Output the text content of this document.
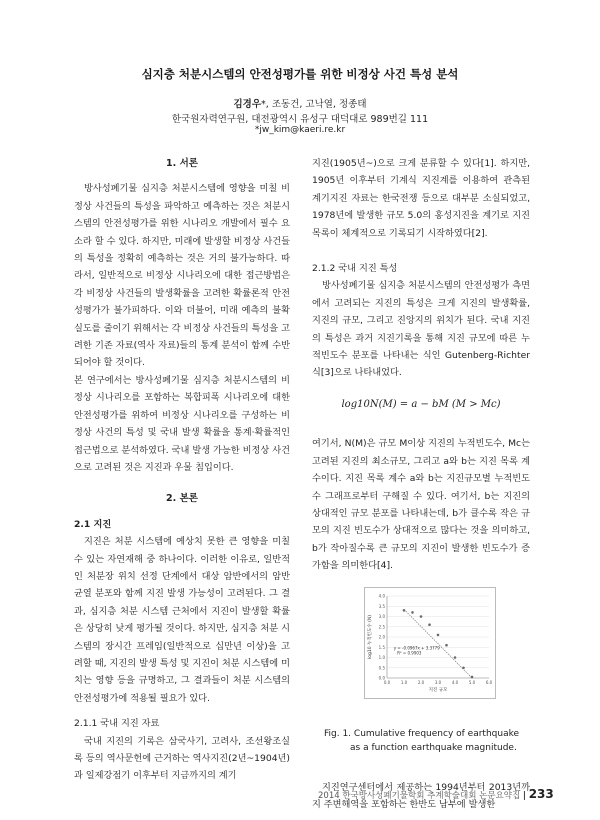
심지층 처분시스템의 안전성평가를 위한 비정상 사건 특성 분석
김경우*, 조동건, 고낙열, 정종태
한국원자력연구원, 대전광역시 유성구 대덕대로 989번길 111
*jw_kim@kaeri.re.kr

1. 서론

방사성폐기물 심지층 처분시스템에 영향을 미칠 비정상 사건들의 특성을 파악하고 예측하는 것은 처분시스템의 안전성평가를 위한 시나리오 개발에서 필수 요소라 할 수 있다. 하지만, 미래에 발생할 비정상 사건들의 특성을 정확히 예측하는 것은 거의 불가능하다. 따라서, 일반적으로 비정상 시나리오에 대한 접근방법은 각 비정상 사건들의 발생확률을 고려한 확률론적 안전성평가가 불가피하다. 이와 더불어, 미래 예측의 불확실도를 줄이기 위해서는 각 비정상 사건들의 특성을 고려한 기존 자료(역사 자료)들의 통계 분석이 함께 수반되어야 할 것이다.

본 연구에서는 방사성폐기물 심지층 처분시스템의 비정상 시나리오를 포함하는 복합피폭 시나리오에 대한 안전성평가를 위하여 비정상 시나리오를 구성하는 비정상 사건의 특성 및 국내 발생 확률을 통계·확률적인 접근법으로 분석하였다. 국내 발생 가능한 비정상 사건으로 고려된 것은 지진과 우물 침입이다.

2. 본론

2.1 지진

지진은 처분 시스템에 예상치 못한 큰 영향을 미칠 수 있는 자연재해 중 하나이다. 이러한 이유로, 일반적인 처분장 위치 선정 단계에서 대상 암반에서의 암반 균열 분포와 함께 지진 발생 가능성이 고려된다. 그 결과, 심지층 처분 시스템 근처에서 지진이 발생할 확률은 상당히 낮게 평가될 것이다. 하지만, 심지층 처분 시스템의 장시간 프레임(일반적으로 십만년 이상)을 고려할 때, 지진의 발생 특성 및 지진이 처분 시스템에 미치는 영향 등을 규명하고, 그 결과들이 처분 시스템의 안전성평가에 적용될 필요가 있다.

2.1.1 국내 지진 자료

국내 지진의 기록은 삼국사기, 고려사, 조선왕조실록 등의 역사문헌에 근거하는 역사지진(2년~1904년)과 일제강점기 이후부터 지금까지의 계기

지진(1905년~)으로 크게 분류할 수 있다[1]. 하지만, 1905년 이후부터 기계식 지진계를 이용하여 관측된 계기지진 자료는 한국전쟁 등으로 대부분 소실되었고, 1978년에 발생한 규모 5.0의 홍성지진을 계기로 지진목록이 체계적으로 기록되기 시작하였다[2].

2.1.2 국내 지진 특성

방사성폐기물 심지층 처분시스템의 안전성평가 측면에서 고려되는 지진의 특성은 크게 지진의 발생확률, 지진의 규모, 그리고 진앙지의 위치가 된다. 국내 지진의 특성은 과거 지진기록을 통해 지진 규모에 따른 누적빈도수 분포를 나타내는 식인 Gutenberg-Richter 식[3]으로 나타내었다.

log10N(M) = a − bM (M > Mc)

여기서, N(M)은 규모 M이상 지진의 누적빈도수, Mc는 고려된 지진의 최소규모, 그리고 a와 b는 지진 목록 계수이다. 지진 목록 계수 a와 b는 지진규모별 누적빈도수 그래프로부터 구해질 수 있다. 여기서, b는 지진의 상대적인 규모 분포를 나타내는데, b가 클수록 작은 규모의 지진 빈도수가 상대적으로 많다는 것을 의미하고, b가 작아질수록 큰 규모의 지진이 발생한 빈도수가 증가함을 의미한다[4].

4.0
3.5
3.0
2.5
2.0
1.5
1.0
0.5
0.0
0.0	1.0	2.0	3.0	4.0	5.0	6.0
y = -0.0967x + 3.3779
R² = 0.9903
지진 규모
log10 누적빈도수 (N)
Fig. 1. Cumulative frequency of earthquake
as a function earthquake magnitude.

지진연구센터에서 제공하는 1994년부터 2013년까지 주변해역을 포함하는 한반도 남부에 발생한

2014 한국방사성폐기물학회 추계학술대회 논문요약집 | 233
